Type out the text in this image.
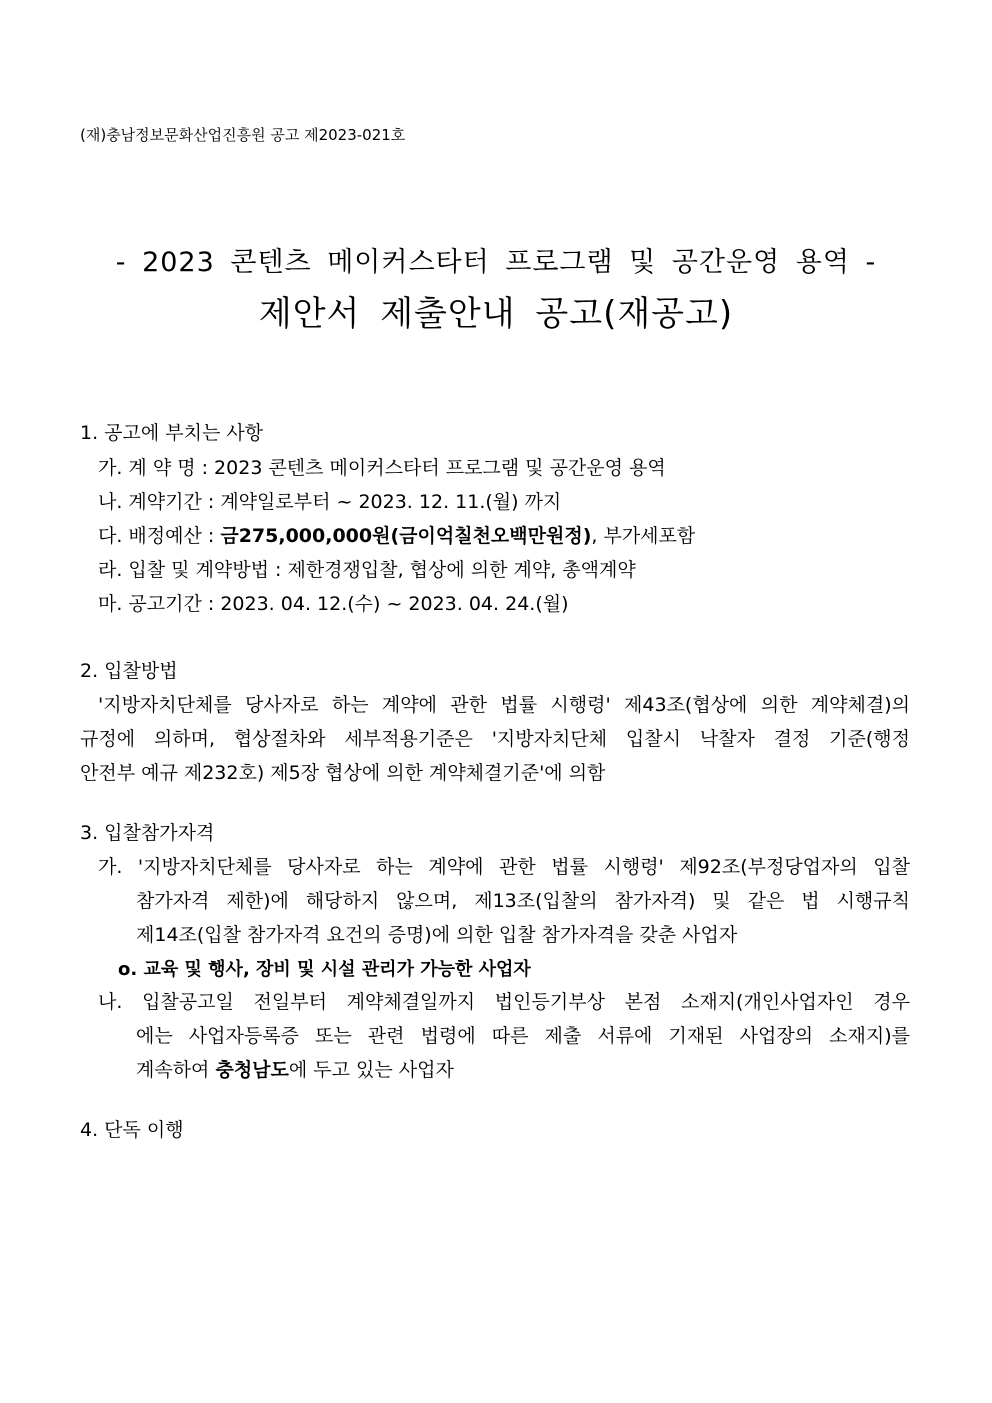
(재)충남정보문화산업진흥원 공고 제2023-021호
- 2023 콘텐츠 메이커스타터 프로그램 및 공간운영 용역 -
제안서 제출안내 공고(재공고)
1. 공고에 부치는 사항
가. 계 약 명 : 2023 콘텐츠 메이커스타터 프로그램 및 공간운영 용역
나. 계약기간 : 계약일로부터 ~ 2023. 12. 11.(월) 까지
다. 배정예산 : 금275,000,000원(금이억칠천오백만원정), 부가세포함
라. 입찰 및 계약방법 : 제한경쟁입찰, 협상에 의한 계약, 총액계약
마. 공고기간 : 2023. 04. 12.(수) ~ 2023. 04. 24.(월)
2. 입찰방법
'지방자치단체를 당사자로 하는 계약에 관한 법률 시행령' 제43조(협상에 의한 계약체결)의
규정에 의하며, 협상절차와 세부적용기준은 '지방자치단체 입찰시 낙찰자 결정 기준(행정
안전부 예규 제232호) 제5장 협상에 의한 계약체결기준'에 의함
3. 입찰참가자격
가. '지방자치단체를 당사자로 하는 계약에 관한 법률 시행령' 제92조(부정당업자의 입찰
참가자격 제한)에 해당하지 않으며, 제13조(입찰의 참가자격) 및 같은 법 시행규칙
제14조(입찰 참가자격 요건의 증명)에 의한 입찰 참가자격을 갖춘 사업자
o. 교육 및 행사, 장비 및 시설 관리가 가능한 사업자
나. 입찰공고일 전일부터 계약체결일까지 법인등기부상 본점 소재지(개인사업자인 경우
에는 사업자등록증 또는 관련 법령에 따른 제출 서류에 기재된 사업장의 소재지)를
계속하여 충청남도에 두고 있는 사업자
4. 단독 이행
